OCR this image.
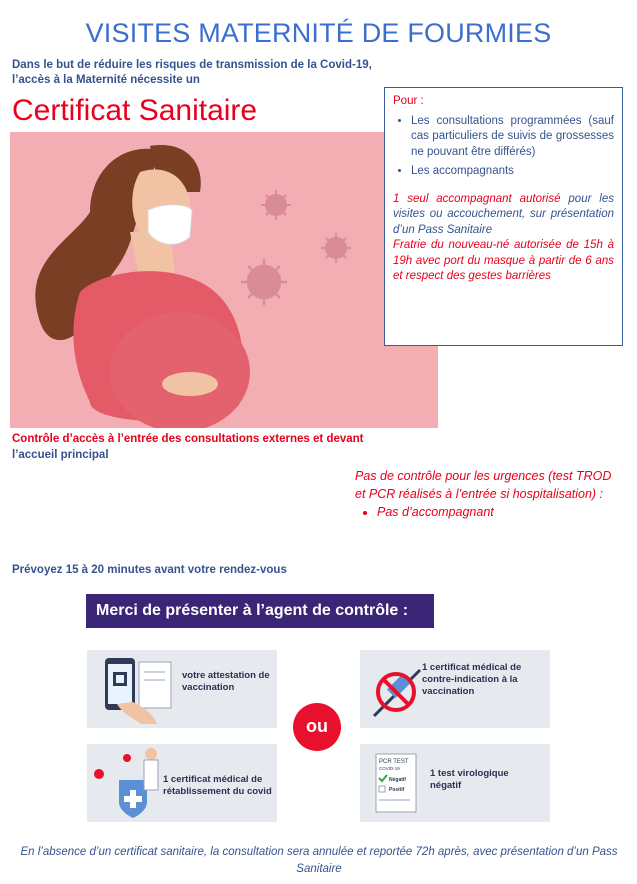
VISITES MATERNITÉ DE FOURMIES
Dans le but de réduire les risques de transmission de la Covid-19,
l’accès à la Maternité nécessite un
Certificat Sanitaire	Pour :
• Les consultations programmées (sauf cas particuliers de suivis de grossesses ne pouvant être différés)
• Les accompagnants
1 seul accompagnant autorisé pour les visites ou accouchement, sur présentation d’un Pass Sanitaire
Fratrie du nouveau-né autorisée de 15h à 19h avec port du masque à partir de 6 ans et respect des gestes barrières
Contrôle d’accès à l’entrée des consultations externes et devant
l’accueil principal
Pas de contrôle pour les urgences (test TROD et PCR réalisés à l’entrée si hospitalisation) :
• Pas d’accompagnant
Prévoyez 15 à 20 minutes avant votre rendez-vous
Merci de présenter à l’agent de contrôle :
votre attestation de vaccination
1 certificat médical de contre-indication à la vaccination
1 certificat médical de rétablissement du covid
PCR TEST
COVID-19
Négatif
Positif
1 test virologique négatif
ou
En l’absence d’un certificat sanitaire, la consultation sera annulée et reportée 72h après, avec présentation d’un Pass Sanitaire
